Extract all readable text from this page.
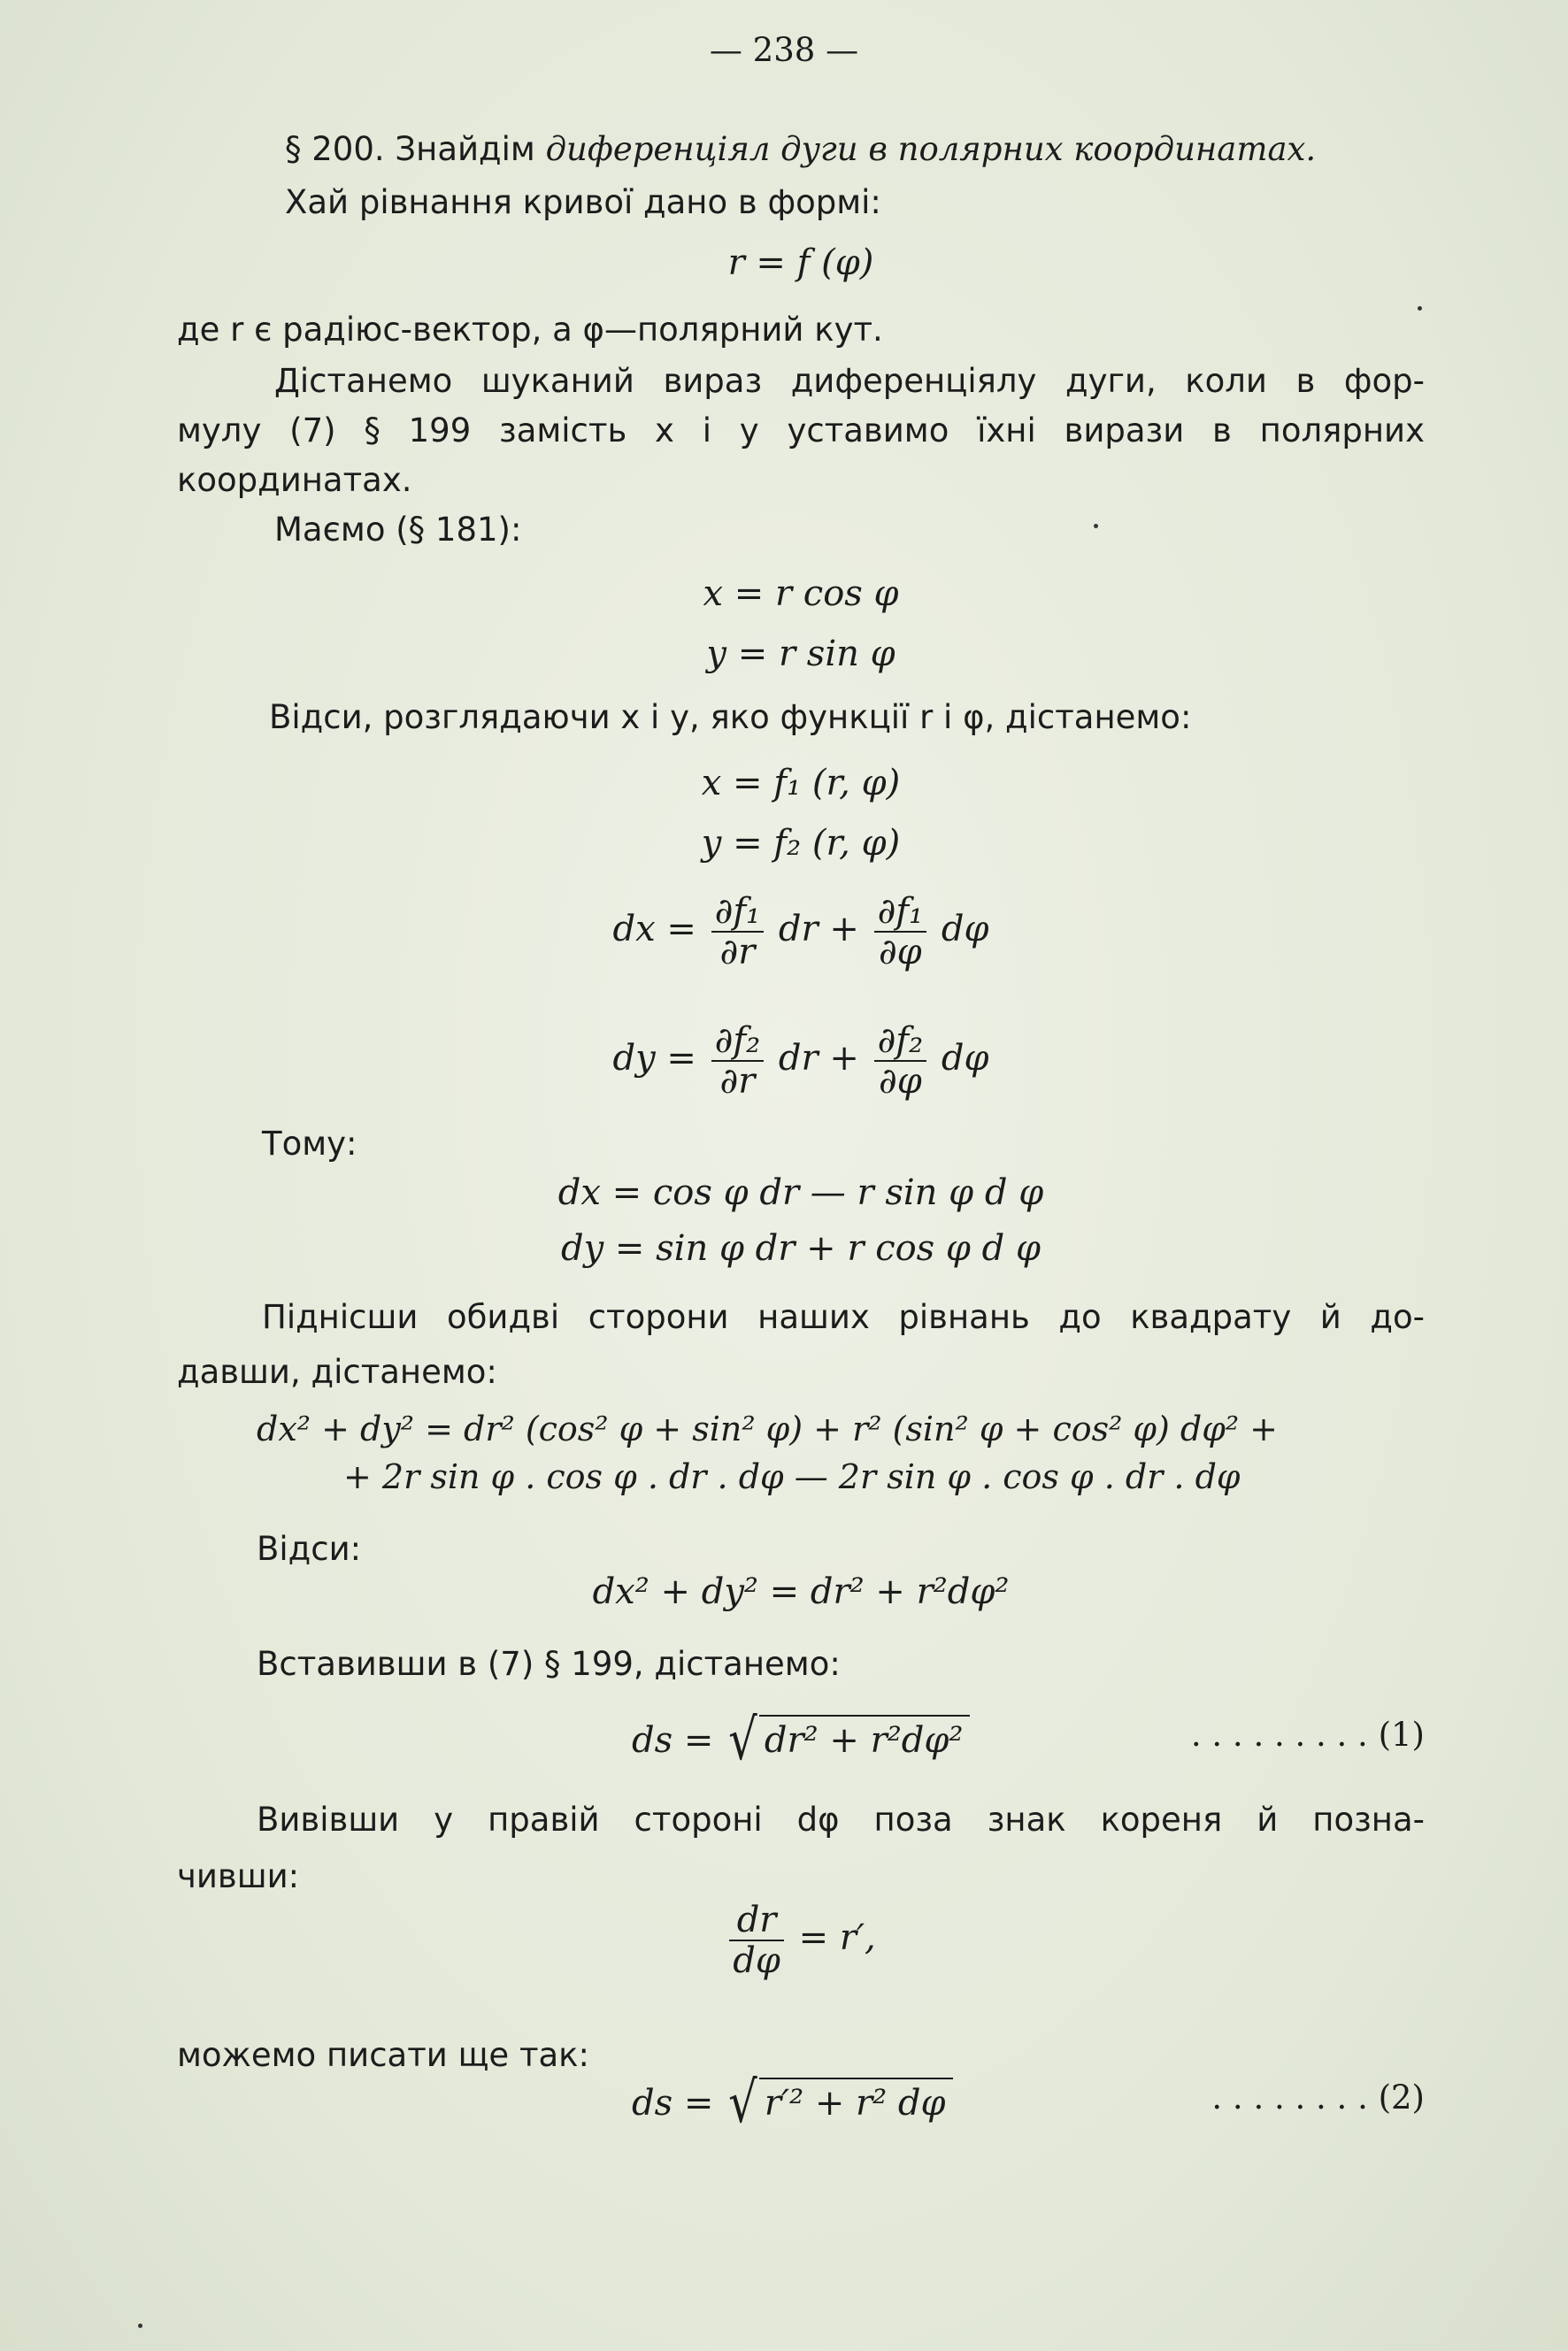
— 238 —
§ 200. Знайдім диференціял дуги в полярних координатах.
Хай рівнання кривої дано в формі:
r = f (φ)
де r є радіюс-вектор, а φ—полярний кут.
Дістанемо шуканий вираз диференціялу дуги, коли в фор-
мулу (7) § 199 замість x і y уставимо їхні вирази в полярних
координатах.
Маємо (§ 181):
x = r cos φ
y = r sin φ
Відси, розглядаючи x і y, яко функції r і φ, дістанемо:
x = f₁ (r, φ)
y = f₂ (r, φ)
dx = $\frac{\text{∂f₁}}{\partial r}$ dr + $\frac{\text{∂f₁}}{\partial\varphi}$ dφ
dy = $\frac{\text{∂f₂}}{\partial r}$ dr + $\frac{\text{∂f₂}}{\partial\varphi}$ dφ
Тому:
dx = cos φ dr — r sin φ d φ
dy = sin φ dr + r cos φ d φ
Піднісши обидві сторони наших рівнань до квадрату й до-
давши, дістанемо:
dx² + dy² = dr² (cos² φ + sin² φ) + r² (sin² φ + cos² φ) dφ² +
+ 2r sin φ . cos φ . dr . dφ — 2r sin φ . cos φ . dr . dφ
Відси:
dx² + dy² = dr² + r²dφ²
Вставивши в (7) § 199, дістанемо:
ds = √ dr² + r²dφ²	. . . . . . . . . (1)
Вивівши у правій стороні dφ поза знак кореня й позна-
чивши:
$\frac{dr}{d\varphi} = r'$,
можемо писати ще так:
ds = √ r′² + r² dφ	. . . . . . . . (2)
